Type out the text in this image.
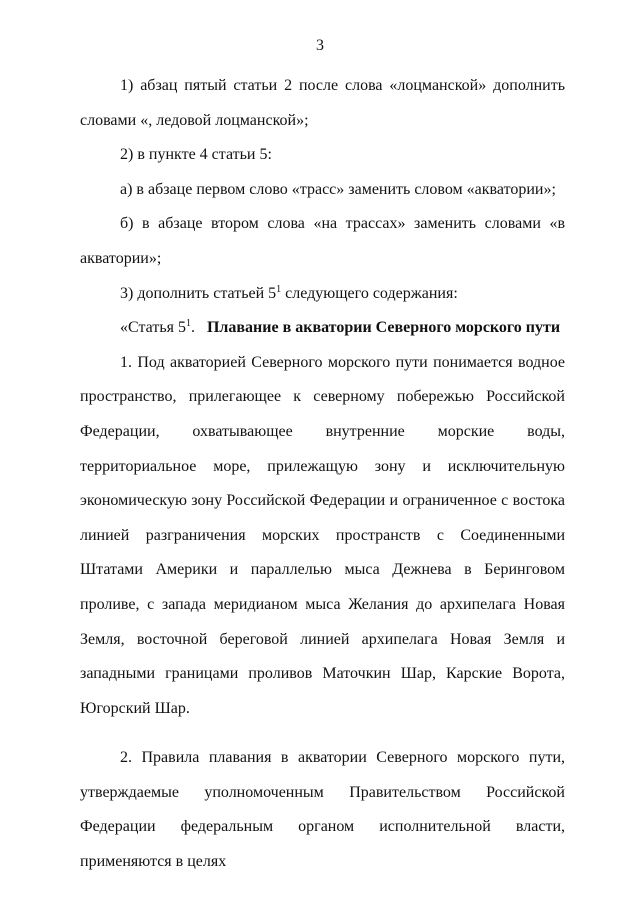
3

1) абзац пятый статьи 2 после слова «лоцманской» дополнить словами «, ледовой лоцманской»;

2) в пункте 4 статьи 5:

а) в абзаце первом слово «трасс» заменить словом «акватории»;

б) в абзаце втором слова «на трассах» заменить словами «в акватории»;

3) дополнить статьей $5^1$ следующего содержания:

«Статья $5^1$. Плавание в акватории Северного морского пути

1. Под акваторией Северного морского пути понимается водное пространство, прилегающее к северному побережью Российской Федерации, охватывающее внутренние морские воды, территориальное море, прилежащую зону и исключительную экономическую зону Российской Федерации и ограниченное с востока линией разграничения морских пространств с Соединенными Штатами Америки и параллелью мыса Дежнева в Беринговом проливе, с запада меридианом мыса Желания до архипелага Новая Земля, восточной береговой линией архипелага Новая Земля и западными границами проливов Маточкин Шар, Карские Ворота, Югорский Шар.

2. Правила плавания в акватории Северного морского пути, утверждаемые уполномоченным Правительством Российской Федерации федеральным органом исполнительной власти, применяются в целях
